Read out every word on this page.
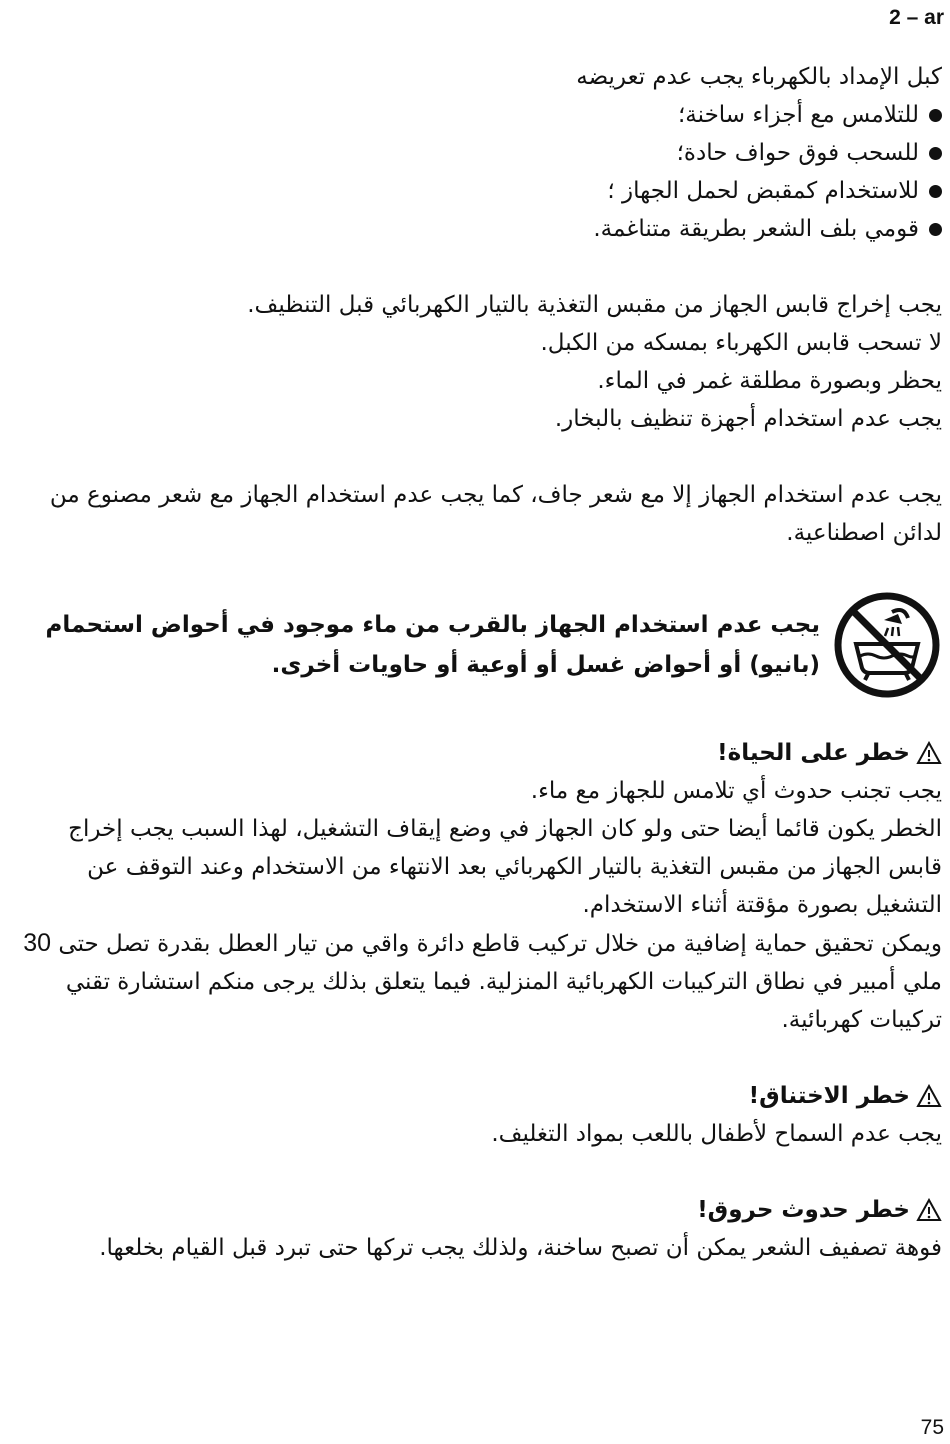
2 – ar

كبل الإمداد بالكهرباء يجب عدم تعريضه

للتلامس مع أجزاء ساخنة؛
للسحب فوق حواف حادة؛
للاستخدام كمقبض لحمل الجهاز ؛
قومي بلف الشعر بطريقة متناغمة.

يجب إخراج قابس الجهاز من مقبس التغذية بالتيار الكهربائي قبل التنظيف.

لا تسحب قابس الكهرباء بمسكه من الكبل.

يحظر وبصورة مطلقة غمر في الماء.

يجب عدم استخدام أجهزة تنظيف بالبخار.

يجب عدم استخدام الجهاز إلا مع شعر جاف، كما يجب عدم استخدام الجهاز مع شعر مصنوع من لدائن اصطناعية.

يجب عدم استخدام الجهاز بالقرب من ماء موجود في أحواض استحمام (بانيو) أو أحواض غسل أو أوعية أو حاويات أخرى.

خطر على الحياة!

يجب تجنب حدوث أي تلامس للجهاز مع ماء.

الخطر يكون قائما أيضا حتى ولو كان الجهاز في وضع إيقاف التشغيل، لهذا السبب يجب إخراج قابس الجهاز من مقبس التغذية بالتيار الكهربائي بعد الانتهاء من الاستخدام وعند التوقف عن التشغيل بصورة مؤقتة أثناء الاستخدام.

ويمكن تحقيق حماية إضافية من خلال تركيب قاطع دائرة واقي من تيار العطل بقدرة تصل حتى 30 ملي أمبير في نطاق التركيبات الكهربائية المنزلية. فيما يتعلق بذلك يرجى منكم استشارة تقني تركيبات كهربائية.

خطر الاختناق!

يجب عدم السماح لأطفال باللعب بمواد التغليف.

خطر حدوث حروق!

فوهة تصفيف الشعر يمكن أن تصبح ساخنة، ولذلك يجب تركها حتى تبرد قبل القيام بخلعها.

75
